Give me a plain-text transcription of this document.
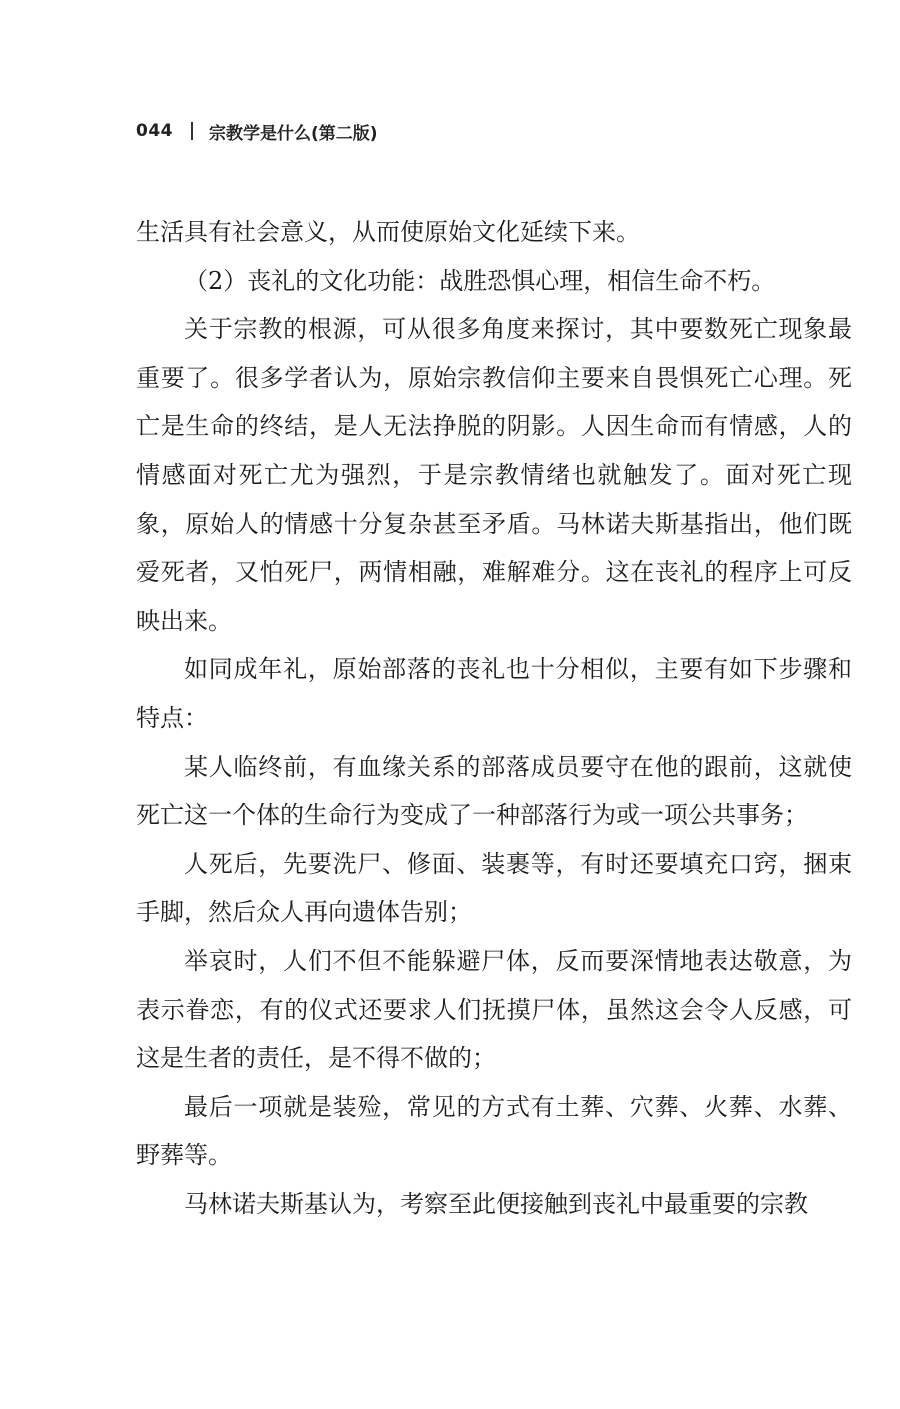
044 宗教学是什么(第二版)

生活具有社会意义，从而使原始文化延续下来。

（2）丧礼的文化功能：战胜恐惧心理，相信生命不朽。

关于宗教的根源，可从很多角度来探讨，其中要数死亡现象最重要了。很多学者认为，原始宗教信仰主要来自畏惧死亡心理。死亡是生命的终结，是人无法挣脱的阴影。人因生命而有情感，人的情感面对死亡尤为强烈，于是宗教情绪也就触发了。面对死亡现象，原始人的情感十分复杂甚至矛盾。马林诺夫斯基指出，他们既爱死者，又怕死尸，两情相融，难解难分。这在丧礼的程序上可反映出来。

如同成年礼，原始部落的丧礼也十分相似，主要有如下步骤和特点：

某人临终前，有血缘关系的部落成员要守在他的跟前，这就使死亡这一个体的生命行为变成了一种部落行为或一项公共事务；

人死后，先要洗尸、修面、装裹等，有时还要填充口窍，捆束手脚，然后众人再向遗体告别；

举哀时，人们不但不能躲避尸体，反而要深情地表达敬意，为表示眷恋，有的仪式还要求人们抚摸尸体，虽然这会令人反感，可这是生者的责任，是不得不做的；

最后一项就是装殓，常见的方式有土葬、穴葬、火葬、水葬、野葬等。

马林诺夫斯基认为，考察至此便接触到丧礼中最重要的宗教
